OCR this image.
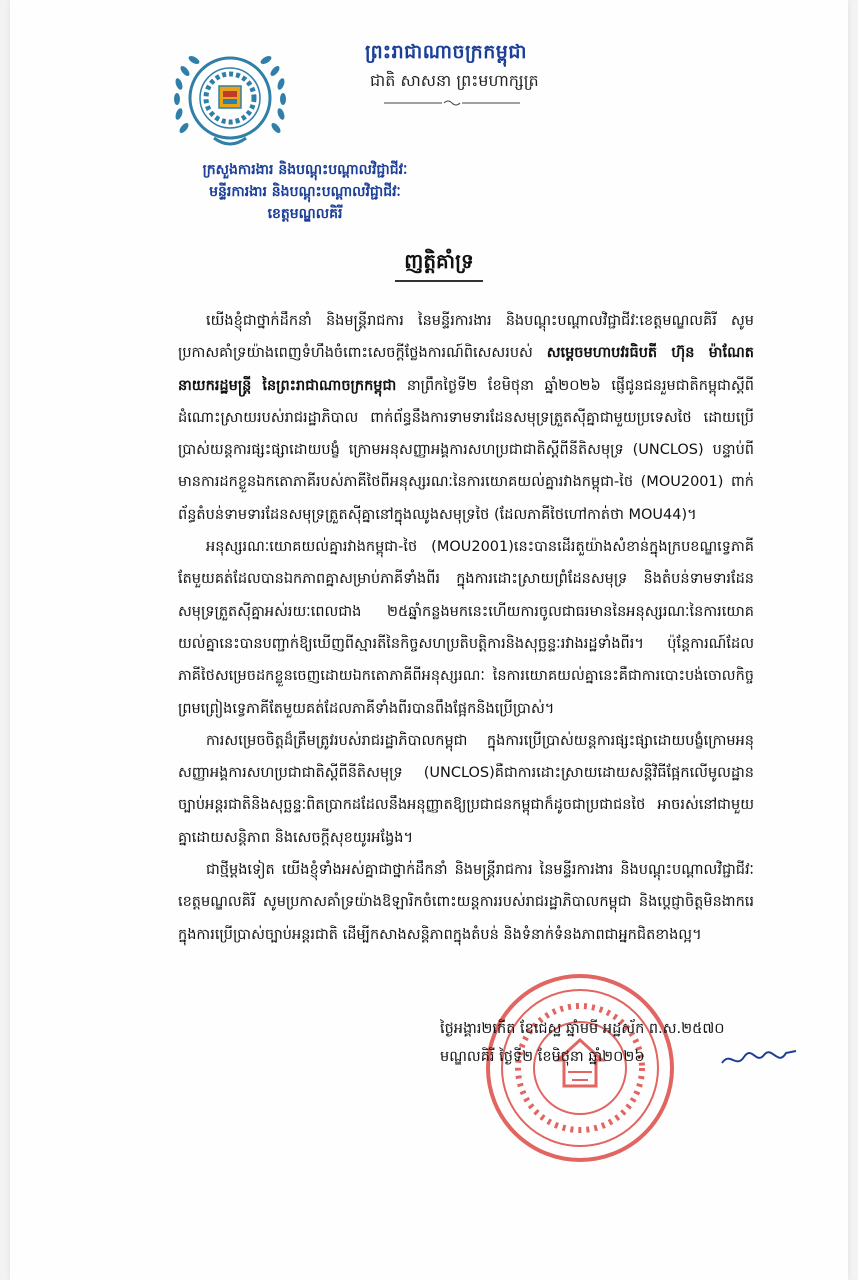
ព្រះរាជាណាចក្រកម្ពុជា
ជាតិ សាសនា ព្រះមហាក្សត្រ
ក្រសួងការងារ និងបណ្តុះបណ្តាលវិជ្ជាជីវៈ
មន្ទីរការងារ និងបណ្តុះបណ្តាលវិជ្ជាជីវៈ
ខេត្តមណ្ឌលគិរី
ញត្តិគាំទ្រ

យើងខ្ញុំជាថ្នាក់ដឹកនាំ និងមន្ត្រីរាជការ នៃមន្ទីរការងារ និងបណ្តុះបណ្តាលវិជ្ជាជីវៈខេត្តមណ្ឌលគិរី សូមប្រកាសគាំទ្រយ៉ាងពេញទំហឹងចំពោះសេចក្តីថ្លែងការណ៍ពិសេសរបស់ សម្តេចមហាបវរធិបតី ហ៊ុន ម៉ាណែត នាយករដ្ឋមន្ត្រី នៃព្រះរាជាណាចក្រកម្ពុជា នាព្រឹកថ្ងៃទី២ ខែមិថុនា ឆ្នាំ២០២៦ ផ្ញើជូនជនរួមជាតិកម្ពុជាស្តីពី ដំណោះស្រាយរបស់រាជរដ្ឋាភិបាល ពាក់ព័ន្ធនឹងការទាមទារដែនសមុទ្រត្រួតស៊ីគ្នាជាមួយប្រទេសថៃ ដោយប្រើប្រាស់យន្តការផ្សះផ្សាដោយបង្ខំ ក្រោមអនុសញ្ញាអង្គការសហប្រជាជាតិស្តីពីនីតិសមុទ្រ (UNCLOS) បន្ទាប់ពីមានការដកខ្លួនឯកតោភាគីរបស់ភាគីថៃពីអនុស្សរណៈនៃការយោគយល់គ្នារវាងកម្ពុជា-ថៃ (MOU2001) ពាក់ព័ន្ធតំបន់ទាមទារដែនសមុទ្រត្រួតស៊ីគ្នានៅក្នុងឈូងសមុទ្រថៃ (ដែលភាគីថៃហៅកាត់ថា MOU44)។

អនុស្សរណៈយោគយល់គ្នារវាងកម្ពុជា-ថៃ (MOU2001)នេះបានដើរតួយ៉ាងសំខាន់ក្នុងក្របខណ្ឌទ្វេភាគីតែមួយគត់ដែលបានឯកភាពគ្នាសម្រាប់ភាគីទាំងពីរ ក្នុងការដោះស្រាយព្រំដែនសមុទ្រ និងតំបន់ទាមទារដែនសមុទ្រត្រួតស៊ីគ្នាអស់រយៈពេលជាង ២៥ឆ្នាំកន្លងមកនេះហើយការចូលជាធរមាននៃអនុស្សរណៈនៃការយោគយល់គ្នានេះបានបញ្ជាក់ឱ្យឃើញពីស្មារតីនៃកិច្ចសហប្រតិបត្តិការនិងសុច្ឆន្ទៈរវាងរដ្ឋទាំងពីរ។ ប៉ុន្តែការណ៍ដែលភាគីថៃសម្រេចដកខ្លួនចេញដោយឯកតោភាគីពីអនុស្សរណៈ នៃការយោគយល់គ្នានេះគឺជាការបោះបង់ចោលកិច្ចព្រមព្រៀងទ្វេភាគីតែមួយគត់ដែលភាគីទាំងពីរបានពឹងផ្អែកនិងប្រើប្រាស់។

ការសម្រេចចិត្តដ៏ត្រឹមត្រូវរបស់រាជរដ្ឋាភិបាលកម្ពុជា ក្នុងការប្រើប្រាស់យន្តការផ្សះផ្សាដោយបង្ខំក្រោមអនុសញ្ញាអង្គការសហប្រជាជាតិស្តីពីនីតិសមុទ្រ (UNCLOS)គឺជាការដោះស្រាយដោយសន្តិវិធីផ្អែកលើមូលដ្ឋានច្បាប់អន្តរជាតិនិងសុច្ឆន្ទៈពិតប្រាកដដែលនឹងអនុញ្ញាតឱ្យប្រជាជនកម្ពុជាក៏ដូចជាប្រជាជនថៃ អាចរស់នៅជាមួយគ្នាដោយសន្តិភាព និងសេចក្តីសុខយូរអង្វែង។

ជាថ្មីម្តងទៀត យើងខ្ញុំទាំងអស់គ្នាជាថ្នាក់ដឹកនាំ និងមន្ត្រីរាជការ នៃមន្ទីរការងារ និងបណ្តុះបណ្តាលវិជ្ជាជីវៈខេត្តមណ្ឌលគិរី សូមប្រកាសគាំទ្រយ៉ាងឱឡារិកចំពោះយន្តការរបស់រាជរដ្ឋាភិបាលកម្ពុជា និងប្តេជ្ញាចិត្តមិនងាករេក្នុងការប្រើប្រាស់ច្បាប់អន្តរជាតិ ដើម្បីកសាងសន្តិភាពក្នុងតំបន់ និងទំនាក់ទំនងភាពជាអ្នកជិតខាងល្អ។

ថ្ងៃអង្គារ២កើត ខែជេស្ឋ ឆ្នាំមមី អដ្ឋស័ក ព.ស.២៥៧០
មណ្ឌលគិរី ថ្ងៃទី២ ខែមិថុនា ឆ្នាំ២០២៦
